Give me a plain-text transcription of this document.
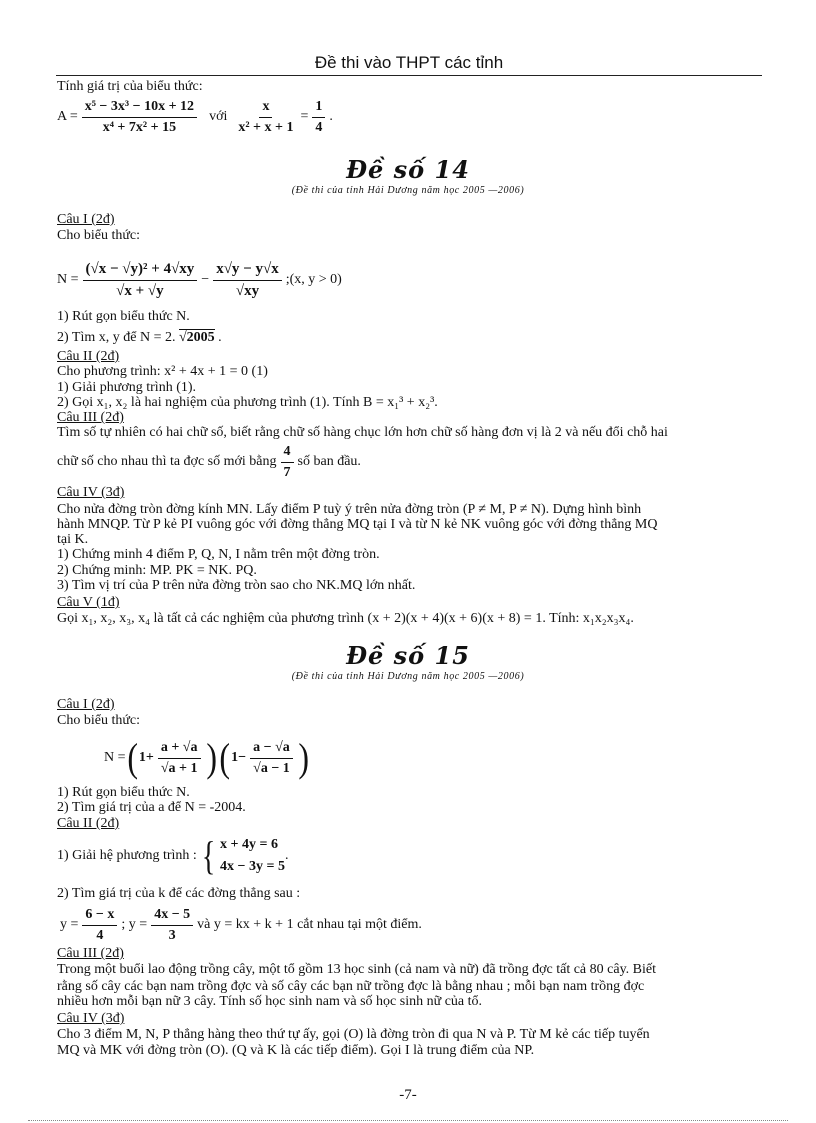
Đề thi vào THPT các tỉnh
Tính giá trị của biểu thức:
$A = \frac{\text{x⁵ − 3x³ − 10x + 12}}{\text{x⁴ + 7x² + 15}}$ với $\frac{x}{\text{x² + x + 1}} = \frac{1}{4}$ .
Đề số 14
(Đề thi của tỉnh Hải Dương năm học 2005 —2006)
Câu I (2đ)
Cho biểu thức:
$N = \frac{\text{(√x − √y)² + 4√xy}}{√x + √y} - \frac{x√y - y√x}{√xy}$ ;(x, y > 0)
1) Rút gọn biểu thức N.
2) Tìm x, y để N = 2. √2005 .
Câu II (2đ)
Cho phương trình: x² + 4x + 1 = 0 (1)
1) Giải phương trình (1).
2) Gọi x₁, x₂ là hai nghiệm của phương trình (1). Tính B = x₁³ + x₂³.
Câu III (2đ)
Tìm số tự nhiên có hai chữ số, biết rằng chữ số hàng chục lớn hơn chữ số hàng đơn vị là 2 và nếu đổi chỗ hai
chữ số cho nhau thì ta đợc số mới bằng $\frac{4}{7}$ số ban đầu.
Câu IV (3đ)
Cho nửa đờng tròn đờng kính MN. Lấy điểm P tuỳ ý trên nửa đờng tròn (P ≠ M, P ≠ N). Dựng hình bình
hành MNQP. Từ P kẻ PI vuông góc với đờng thẳng MQ tại I và từ N kẻ NK vuông góc với đờng thẳng MQ
tại K.
1) Chứng minh 4 điểm P, Q, N, I nằm trên một đờng tròn.
2) Chứng minh: MP. PK = NK. PQ.
3) Tìm vị trí của P trên nửa đờng tròn sao cho NK.MQ lớn nhất.
Câu V (1đ)
Gọi x₁, x₂, x₃, x₄ là tất cả các nghiệm của phương trình (x + 2)(x + 4)(x + 6)(x + 8) = 1. Tính: x₁x₂x₃x₄.
Đề số 15
(Đề thi của tỉnh Hải Dương năm học 2005 —2006)
Câu I (2đ)
Cho biểu thức:
N = ( $1+ \frac{a + √a}{√a + 1}$ ) ( $1- \frac{a - √a}{√a - 1}$ )
1) Rút gọn biểu thức N.
2) Tìm giá trị của a để N = -2004.
Câu II (2đ)
1) Giải hệ phương trình : { x + 4y = 6
4x − 3y = 5
.
2) Tìm giá trị của k để các đờng thẳng sau :
$y = \frac{6 - x}{4}$ ; $y = \frac{4x - 5}{3}$ và y = kx + k + 1 cắt nhau tại một điểm.
Câu III (2đ)
Trong một buổi lao động trồng cây, một tổ gồm 13 học sinh (cả nam và nữ) đã trồng đợc tất cả 80 cây. Biết
rằng số cây các bạn nam trồng đợc và số cây các bạn nữ trồng đợc là bằng nhau ; mỗi bạn nam trồng đợc
nhiều hơn mỗi bạn nữ 3 cây. Tính số học sinh nam và số học sinh nữ của tổ.
Câu IV (3đ)
Cho 3 điểm M, N, P thẳng hàng theo thứ tự ấy, gọi (O) là đờng tròn đi qua N và P. Từ M kẻ các tiếp tuyến
MQ và MK với đờng tròn (O). (Q và K là các tiếp điểm). Gọi I là trung điểm của NP.
-7-
